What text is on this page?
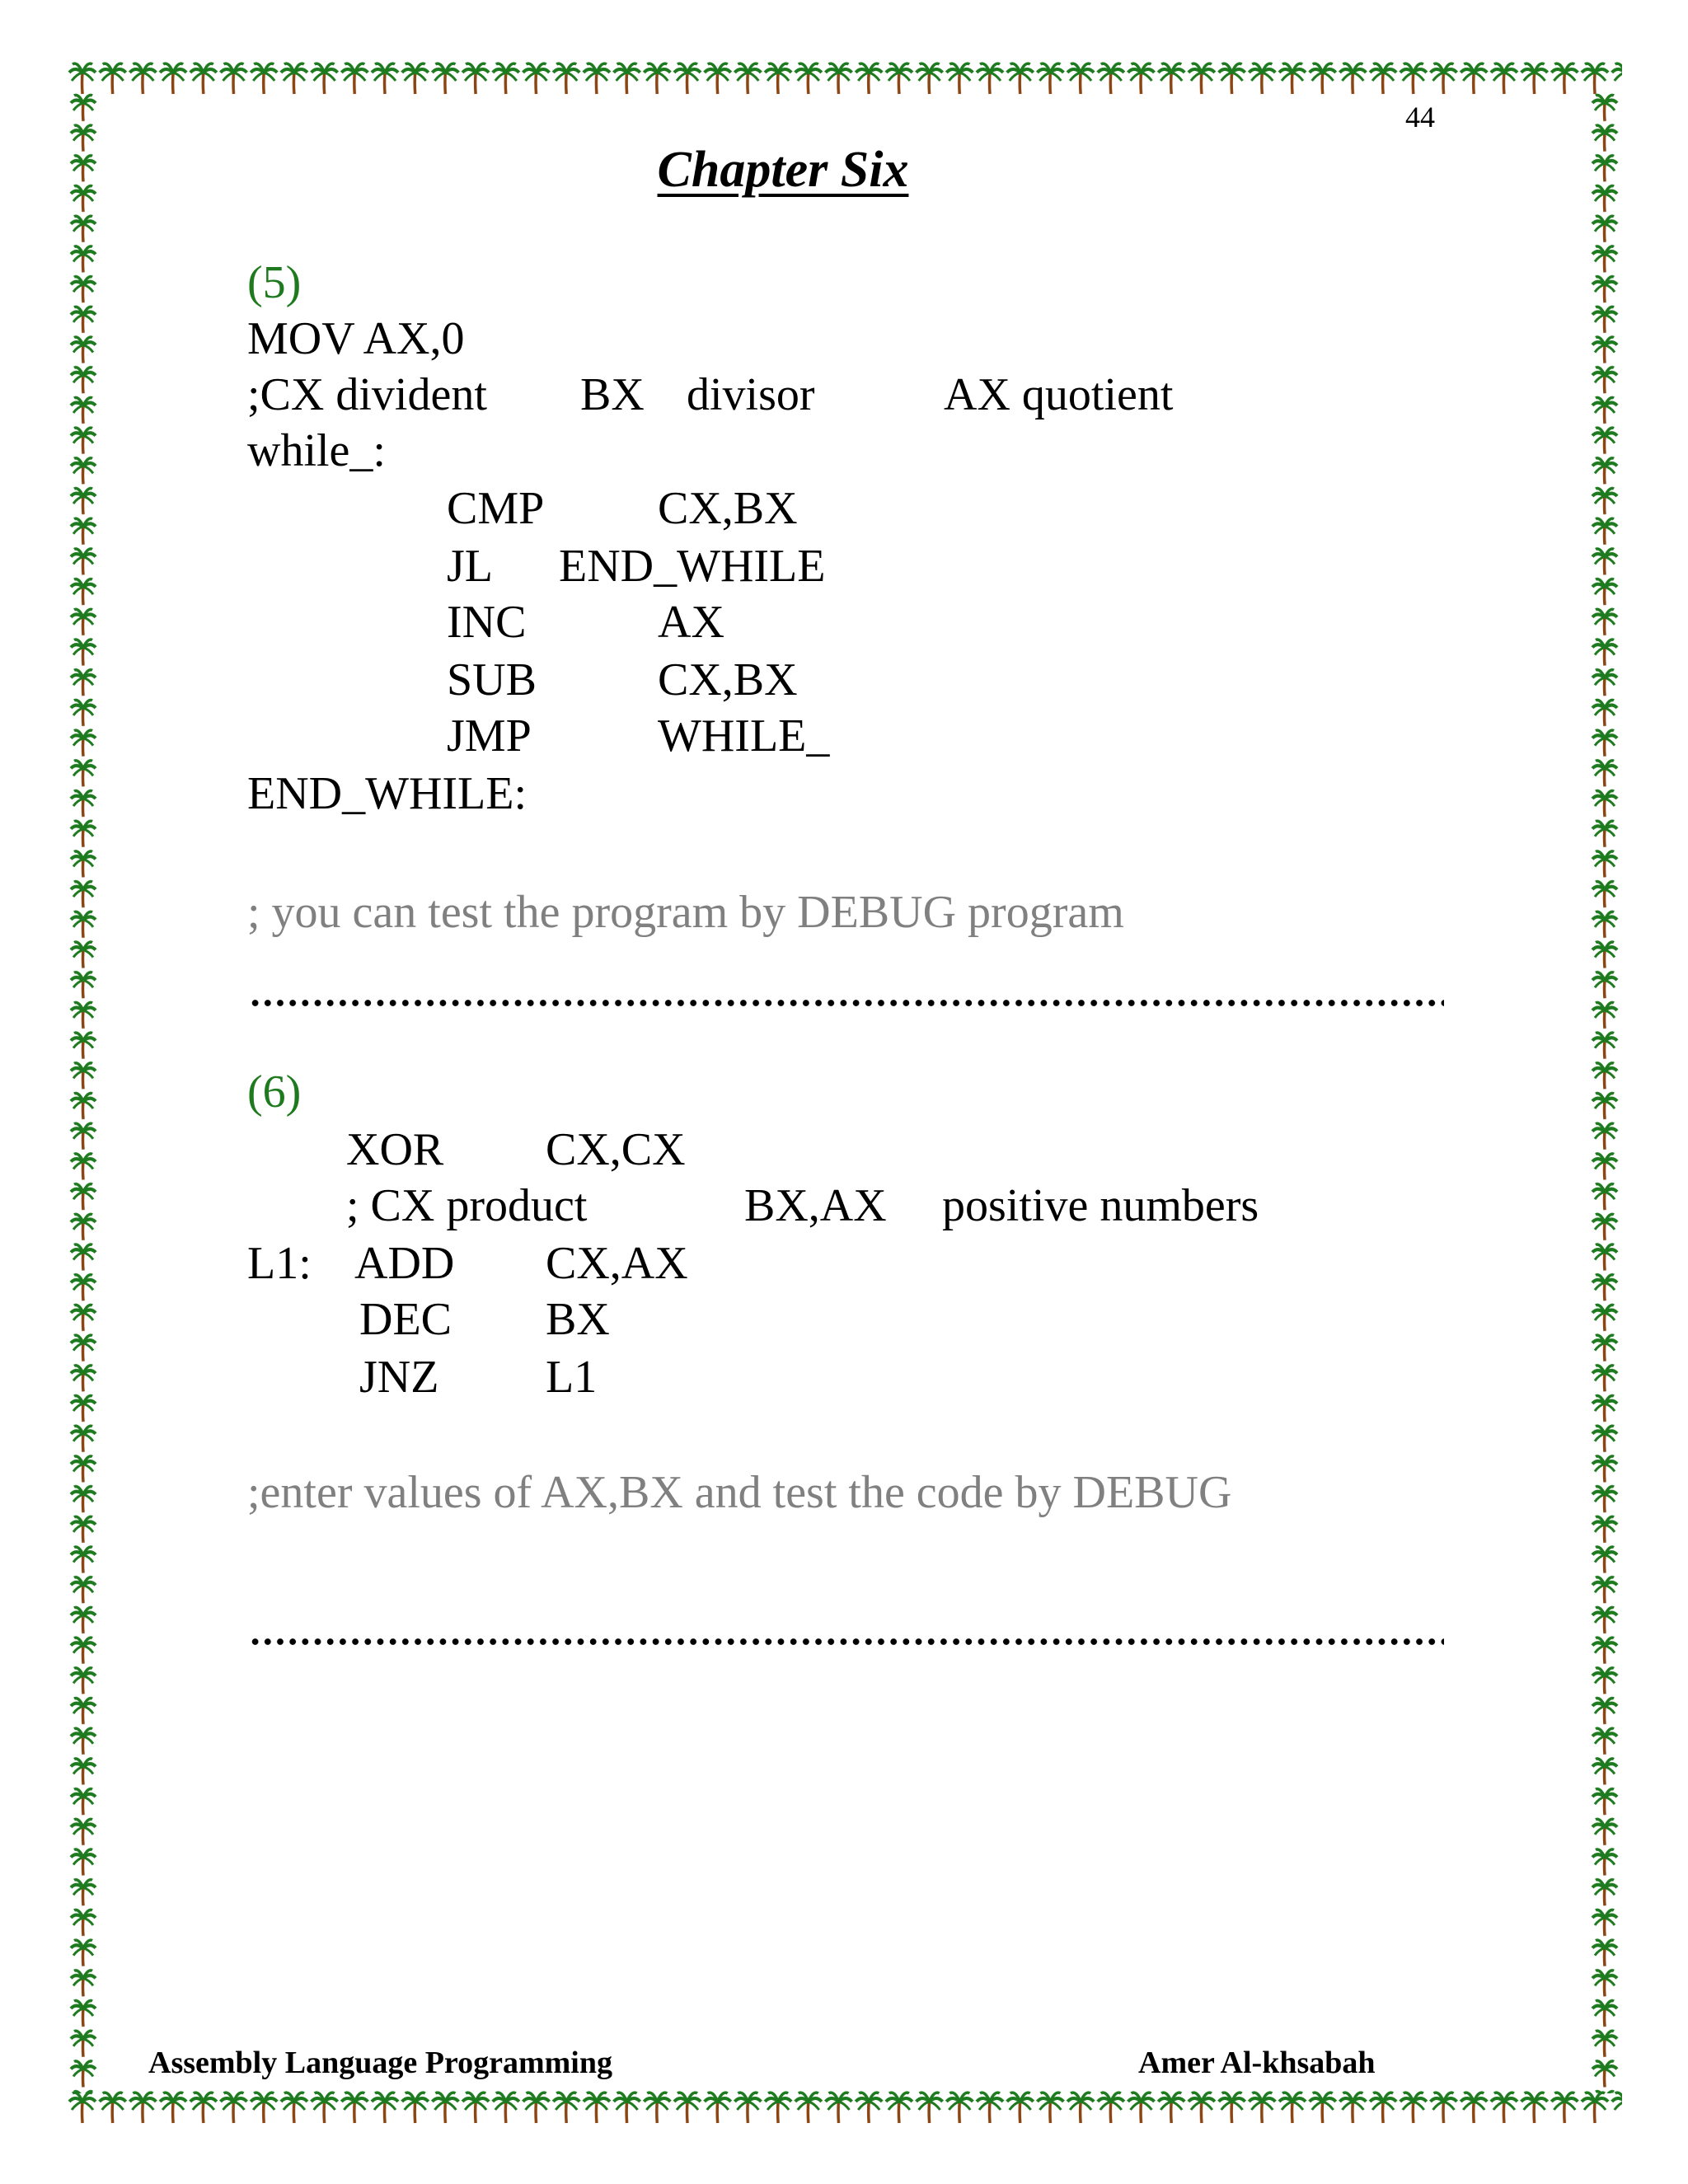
44
Chapter Six
(5)
MOV AX,0
;CX divident BX divisor	AX quotient
while_:
CMP CX,BX
JL END_WHILE
INC	AX
SUB	CX,BX
JMP	WHILE_
END_WHILE:
; you can test the program by DEBUG program
(6)
XOR CX,CX
; CX product	BX,AX positive numbers
L1: ADD CX,AX
DEC BX
JNZ L1
;enter values of AX,BX and test the code by DEBUG
Assembly Language Programming	Amer Al-khsabah
